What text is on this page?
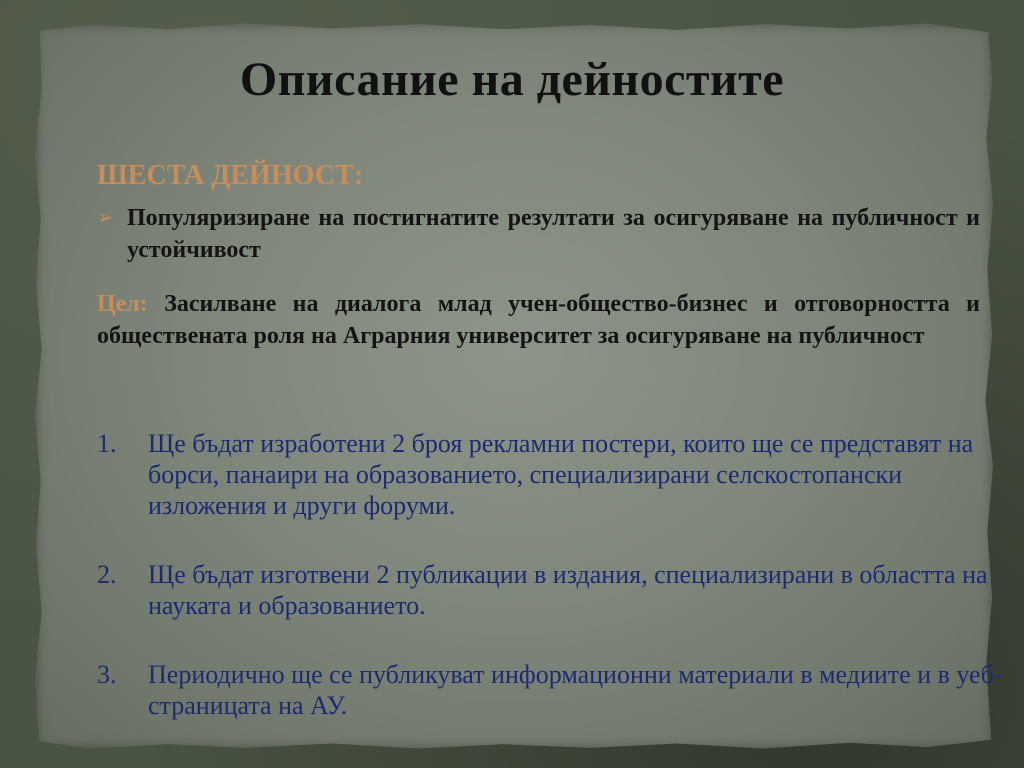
Описание на дейностите
ШЕСТА ДЕЙНОСТ:
➢ Популяризиране на постигнатите резултати за осигуряване на публичност и устойчивост

Цел: Засилване на диалога млад учен-общество-бизнес и отговорността и обществената роля на Аграрния университет за осигуряване на публичност
1. Ще бъдат изработени 2 броя рекламни постери, които ще се представят на борси, панаири на образованието, специализирани селскостопански изложения и други форуми.
2. Ще бъдат изготвени 2 публикации в издания, специализирани в областта на науката и образованието.
3. Периодично ще се публикуват информационни материали в медиите и в уеб-страницата на АУ.
